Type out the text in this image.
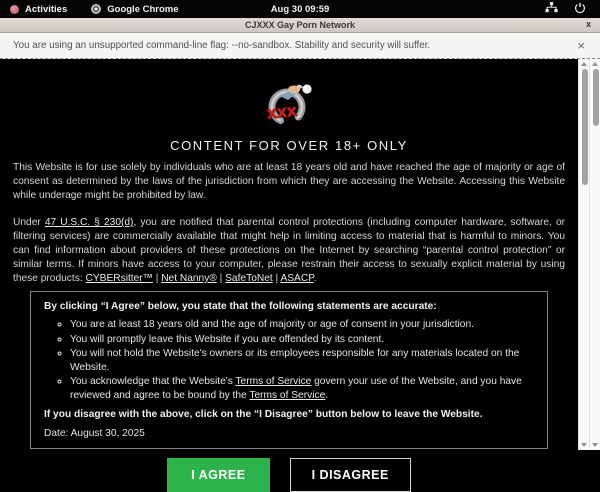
Activities	Google Chrome	Aug 30 09:59
CJXXX Gay Porn Network	x
You are using an unsupported command-line flag: --no-sandbox. Stability and security will suffer.	×
xxx
CONTENT FOR OVER 18+ ONLY

This Website is for use solely by individuals who are at least 18 years old and have reached the age of majority or age of consent as determined by the laws of the jurisdiction from which they are accessing the Website. Accessing this Website while underage might be prohibited by law.

Under 47 U.S.C. § 230(d), you are notified that parental control protections (including computer hardware, software, or filtering services) are commercially available that might help in limiting access to material that is harmful to minors. You can find information about providers of these protections on the Internet by searching “parental control protection” or similar terms. If minors have access to your computer, please restrain their access to sexually explicit material by using these products: CYBERsitter™ | Net Nanny® | SafeToNet | ASACP.

By clicking “I Agree” below, you state that the following statements are accurate:

◦ You are at least 18 years old and the age of majority or age of consent in your jurisdiction.
◦ You will promptly leave this Website if you are offended by its content.
◦ You will not hold the Website's owners or its employees responsible for any materials located on the Website.
◦ You acknowledge that the Website's Terms of Service govern your use of the Website, and you have reviewed and agree to be bound by the Terms of Service.

If you disagree with the above, click on the “I Disagree” button below to leave the Website.

Date: August 30, 2025

I AGREE	I DISAGREE
